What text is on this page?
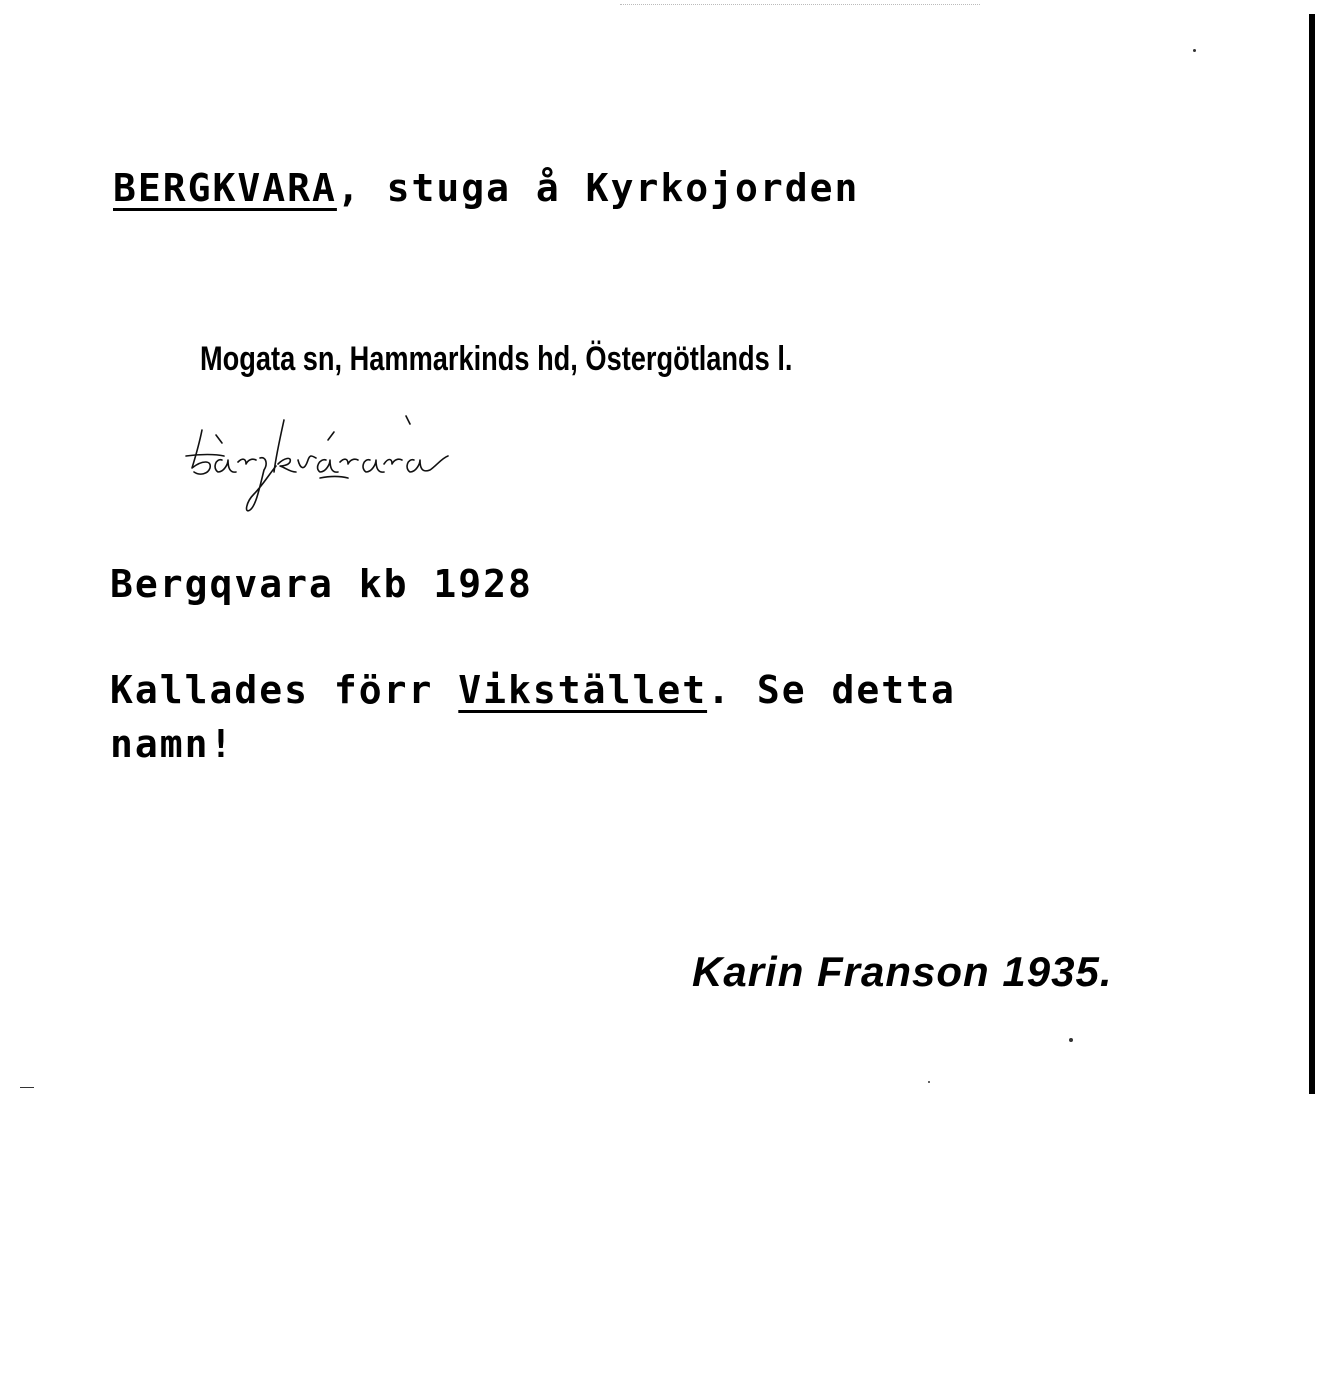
BERGKVARA, stuga å Kyrkojorden
Mogata sn, Hammarkinds hd, Östergötlands l.
Bergqvara kb 1928
Kallades förr Vikstället. Se detta
namn!
Karin Franson 1935.
